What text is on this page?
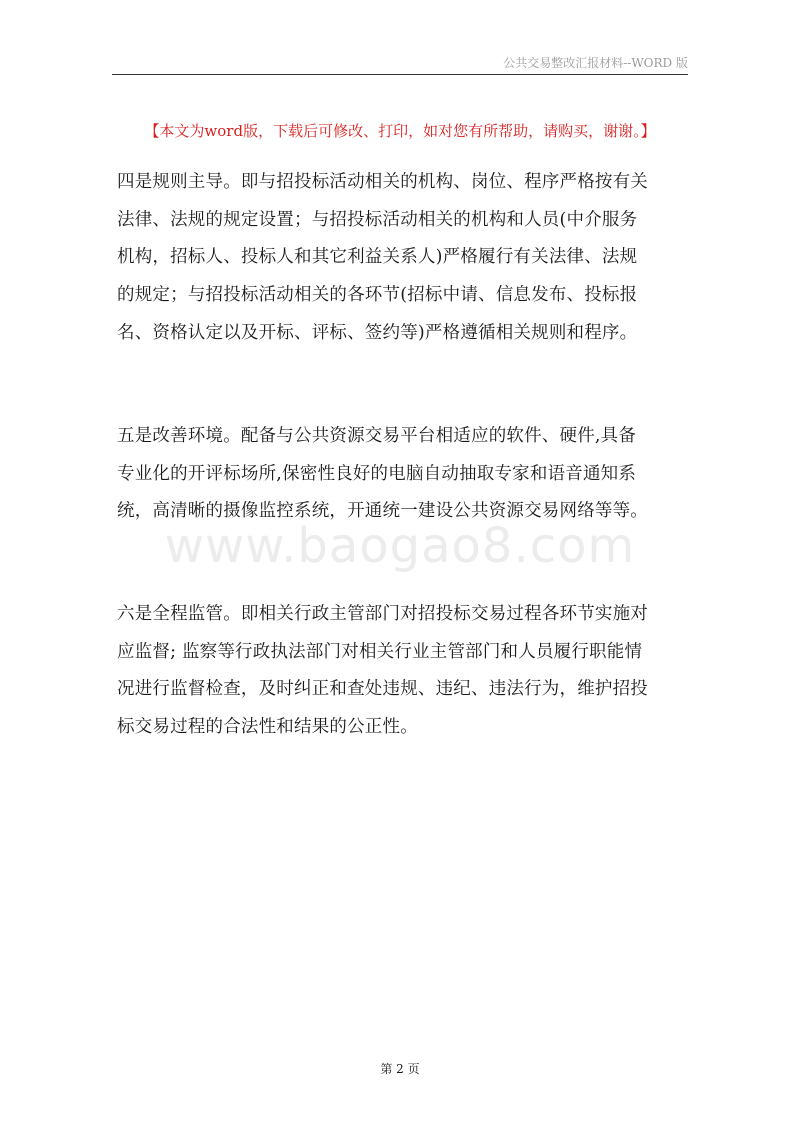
公共交易整改汇报材料--WORD 版
【本文为word版，下载后可修改、打印，如对您有所帮助，请购买，谢谢。】
四是规则主导。即与招投标活动相关的机构、岗位、程序严格按有关
法律、法规的规定设置；与招投标活动相关的机构和人员(中介服务
机构，招标人、投标人和其它利益关系人)严格履行有关法律、法规
的规定；与招投标活动相关的各环节(招标中请、信息发布、投标报
名、资格认定以及开标、评标、签约等)严格遵循相关规则和程序。
五是改善环境。配备与公共资源交易平台相适应的软件、硬件,具备
专业化的开评标场所,保密性良好的电脑自动抽取专家和语音通知系
统，高清晰的摄像监控系统，开通统一建设公共资源交易网络等等。
www.baogao8.com
六是全程监管。即相关行政主管部门对招投标交易过程各环节实施对
应监督; 监察等行政执法部门对相关行业主管部门和人员履行职能情
况进行监督检查，及时纠正和查处违规、违纪、违法行为，维护招投
标交易过程的合法性和结果的公正性。
第 2 页
